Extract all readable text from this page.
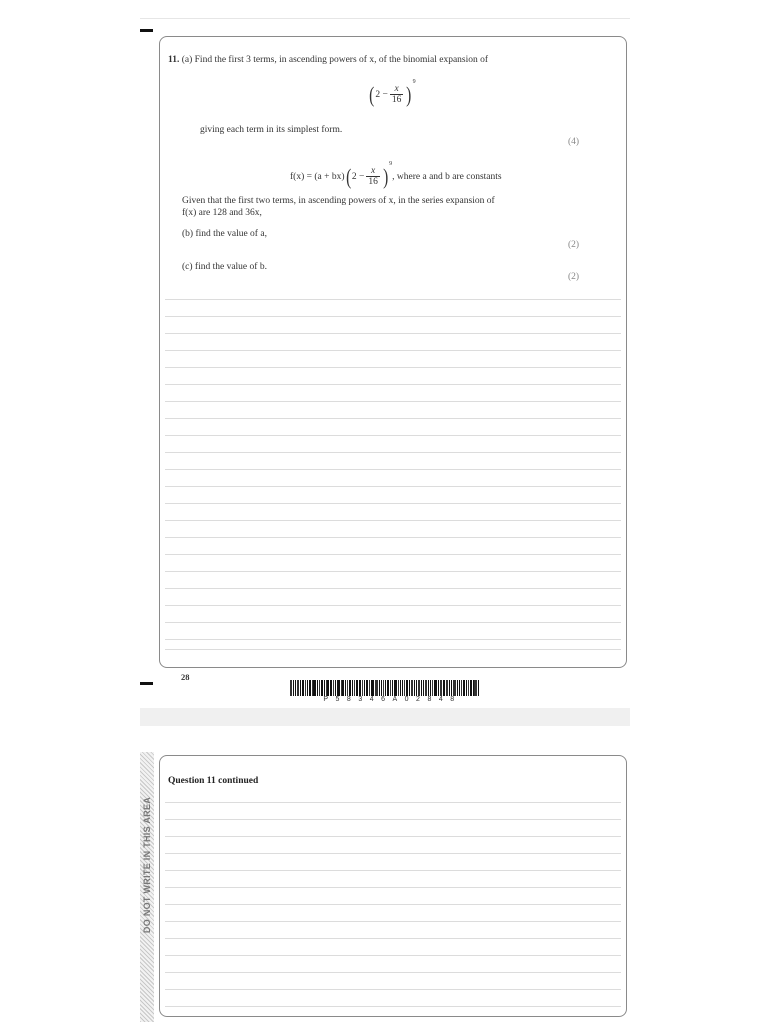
11. (a) Find the first 3 terms, in ascending powers of x, of the binomial expansion of
$(2 - \frac{x}{16} )^9$
giving each term in its simplest form.
(4)
$f(x) = (a + bx)(2 - \frac{x}{16} )^9$, where a and b are constants
Given that the first two terms, in ascending powers of x, in the series expansion of
f(x) are 128 and 36x,
(b) find the value of a,
(2)
(c) find the value of b.
(2)
28
P58346A02848
DO NOT WRITE IN THIS AREA
Question 11 continued
